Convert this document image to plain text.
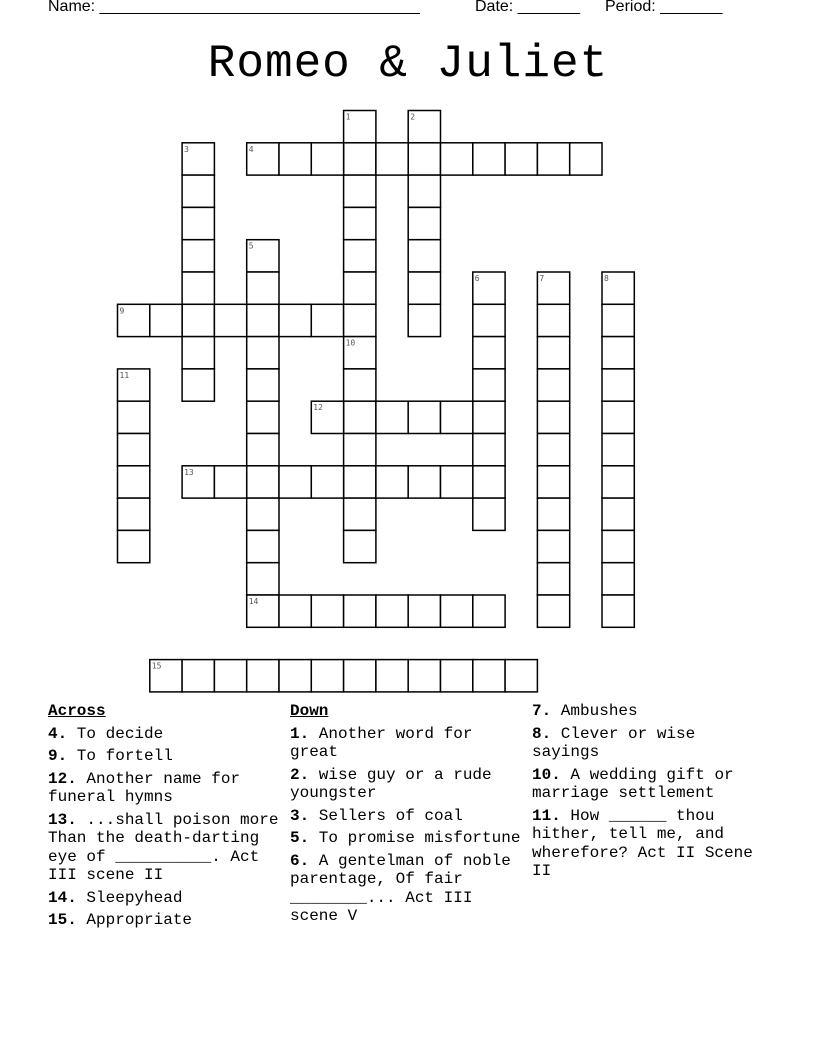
Name: ____________________________________	Date: _______ Period: _______
Romeo & Juliet
1	2
3	4
5
6	7	8
9
10
11
12
13
14
15
Across
4. To decide
9. To fortell
12. Another name for funeral hymns
13. ...shall poison more Than the death-darting eye of __________. Act III scene II
14. Sleepyhead
15. Appropriate
Down
1. Another word for great
2. wise guy or a rude youngster
3. Sellers of coal
5. To promise misfortune
6. A gentelman of noble parentage, Of fair ________... Act III scene V
7. Ambushes
8. Clever or wise sayings
10. A wedding gift or marriage settlement
11. How ______ thou hither, tell me, and wherefore? Act II Scene II
